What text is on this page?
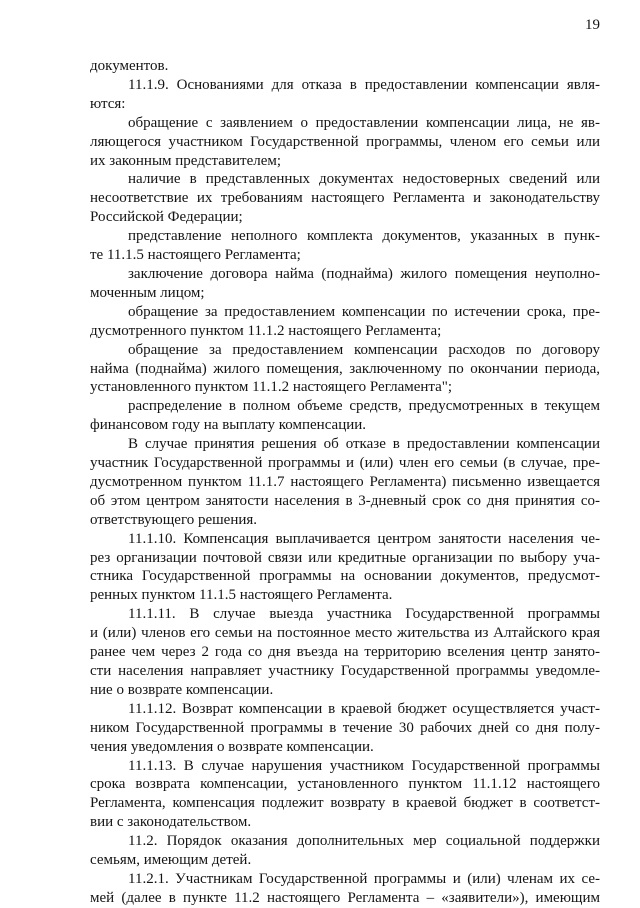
19
документов.
11.1.9. Основаниями для отказа в предоставлении компенсации явля-
ются:
обращение с заявлением о предоставлении компенсации лица, не яв-
ляющегося участником Государственной программы, членом его семьи или
их законным представителем;
наличие в представленных документах недостоверных сведений или
несоответствие их требованиям настоящего Регламента и законодательству
Российской Федерации;
представление неполного комплекта документов, указанных в пунк-
те 11.1.5 настоящего Регламента;
заключение договора найма (поднайма) жилого помещения неуполно-
моченным лицом;
обращение за предоставлением компенсации по истечении срока, пре-
дусмотренного пунктом 11.1.2 настоящего Регламента;
обращение за предоставлением компенсации расходов по договору
найма (поднайма) жилого помещения, заключенному по окончании периода,
установленного пунктом 11.1.2 настоящего Регламента";
распределение в полном объеме средств, предусмотренных в текущем
финансовом году на выплату компенсации.
В случае принятия решения об отказе в предоставлении компенсации
участник Государственной программы и (или) член его семьи (в случае, пре-
дусмотренном пунктом 11.1.7 настоящего Регламента) письменно извещается
об этом центром занятости населения в 3-дневный срок со дня принятия со-
ответствующего решения.
11.1.10. Компенсация выплачивается центром занятости населения че-
рез организации почтовой связи или кредитные организации по выбору уча-
стника Государственной программы на основании документов, предусмот-
ренных пунктом 11.1.5 настоящего Регламента.
11.1.11. В случае выезда участника Государственной программы
и (или) членов его семьи на постоянное место жительства из Алтайского края
ранее чем через 2 года со дня въезда на территорию вселения центр занято-
сти населения направляет участнику Государственной программы уведомле-
ние о возврате компенсации.
11.1.12. Возврат компенсации в краевой бюджет осуществляется участ-
ником Государственной программы в течение 30 рабочих дней со дня полу-
чения уведомления о возврате компенсации.
11.1.13. В случае нарушения участником Государственной программы
срока возврата компенсации, установленного пунктом 11.1.12 настоящего
Регламента, компенсация подлежит возврату в краевой бюджет в соответст-
вии с законодательством.
11.2. Порядок оказания дополнительных мер социальной поддержки
семьям, имеющим детей.
11.2.1. Участникам Государственной программы и (или) членам их се-
мей (далее в пункте 11.2 настоящего Регламента – «заявители»), имеющим
